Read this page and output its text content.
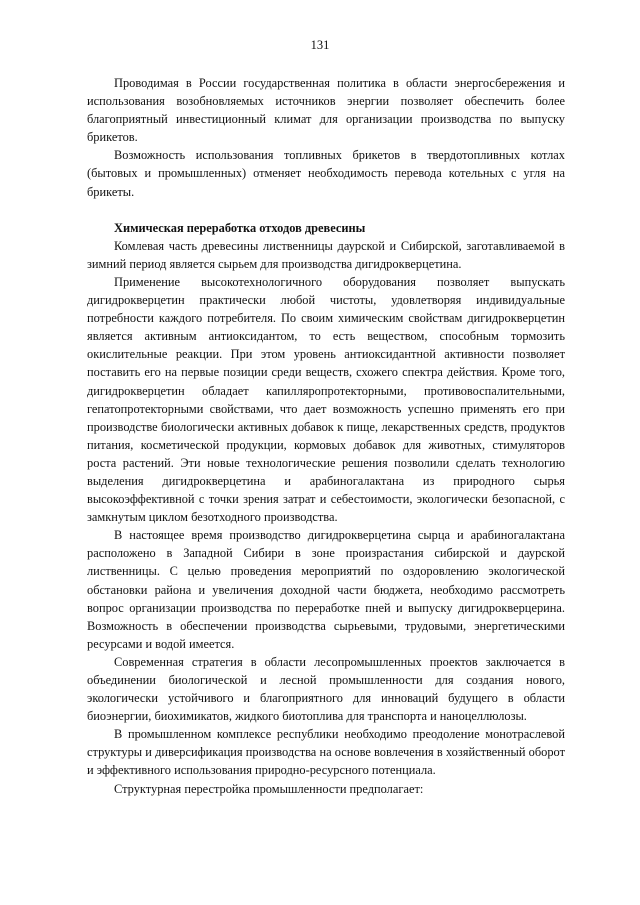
131

Проводимая в России государственная политика в области энергосбережения и использования возобновляемых источников энергии позволяет обеспечить более благоприятный инвестиционный климат для организации производства по выпуску брикетов.

Возможность использования топливных брикетов в твердотопливных котлах (бытовых и промышленных) отменяет необходимость перевода котельных с угля на брикеты.

Химическая переработка отходов древесины

Комлевая часть древесины лиственницы даурской и Сибирской, заготавливаемой в зимний период является сырьем для производства дигидрокверцетина.

Применение высокотехнологичного оборудования позволяет выпускать дигидрокверцетин практически любой чистоты, удовлетворяя индивидуальные потребности каждого потребителя. По своим химическим свойствам дигидрокверцетин является активным антиоксидантом, то есть веществом, способным тормозить окислительные реакции. При этом уровень антиоксидантной активности позволяет поставить его на первые позиции среди веществ, схожего спектра действия. Кроме того, дигидрокверцетин обладает капилляропротекторными, противовоспалительными, гепатопротекторными свойствами, что дает возможность успешно применять его при производстве биологически активных добавок к пище, лекарственных средств, продуктов питания, косметической продукции, кормовых добавок для животных, стимуляторов роста растений. Эти новые технологические решения позволили сделать технологию выделения дигидрокверцетина и арабиногалактана из природного сырья высокоэффективной с точки зрения затрат и себестоимости, экологически безопасной, с замкнутым циклом безотходного производства.

В настоящее время производство дигидрокверцетина сырца и арабиногалактана расположено в Западной Сибири в зоне произрастания сибирской и даурской лиственницы. С целью проведения мероприятий по оздоровлению экологической обстановки района и увеличения доходной части бюджета, необходимо рассмотреть вопрос организации производства по переработке пней и выпуску дигидрокверцерина. Возможность в обеспечении производства сырьевыми, трудовыми, энергетическими ресурсами и водой имеется.

Современная стратегия в области лесопромышленных проектов заключается в объединении биологической и лесной промышленности для создания нового, экологически устойчивого и благоприятного для инноваций будущего в области биоэнергии, биохимикатов, жидкого биотоплива для транспорта и наноцеллюлозы.

В промышленном комплексе республики необходимо преодоление монотраслевой структуры и диверсификация производства на основе вовлечения в хозяйственный оборот и эффективного использования природно-ресурсного потенциала.

Структурная перестройка промышленности предполагает:
